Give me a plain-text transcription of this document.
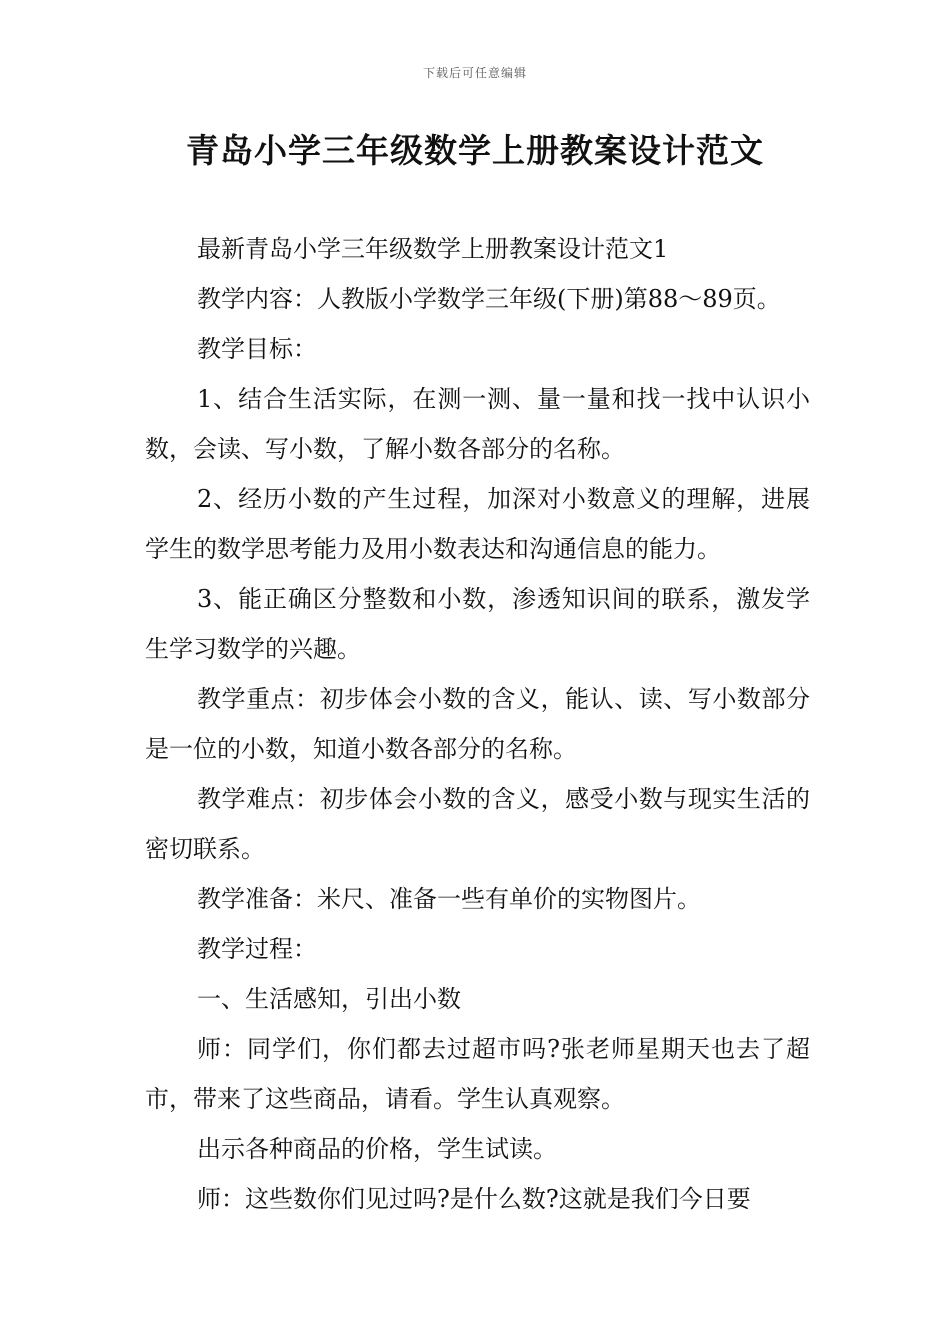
下载后可任意编辑
青岛小学三年级数学上册教案设计范文

最新青岛小学三年级数学上册教案设计范文1

教学内容：人教版小学数学三年级(下册)第88～89页。

教学目标：

1、结合生活实际，在测一测、量一量和找一找中认识小数，会读、写小数，了解小数各部分的名称。

2、经历小数的产生过程，加深对小数意义的理解，进展学生的数学思考能力及用小数表达和沟通信息的能力。

3、能正确区分整数和小数，渗透知识间的联系，激发学生学习数学的兴趣。

教学重点：初步体会小数的含义，能认、读、写小数部分是一位的小数，知道小数各部分的名称。

教学难点：初步体会小数的含义，感受小数与现实生活的密切联系。

教学准备：米尺、准备一些有单价的实物图片。

教学过程：

一、生活感知，引出小数

师：同学们，你们都去过超市吗?张老师星期天也去了超市，带来了这些商品，请看。学生认真观察。

出示各种商品的价格，学生试读。

师：这些数你们见过吗?是什么数?这就是我们今日要
